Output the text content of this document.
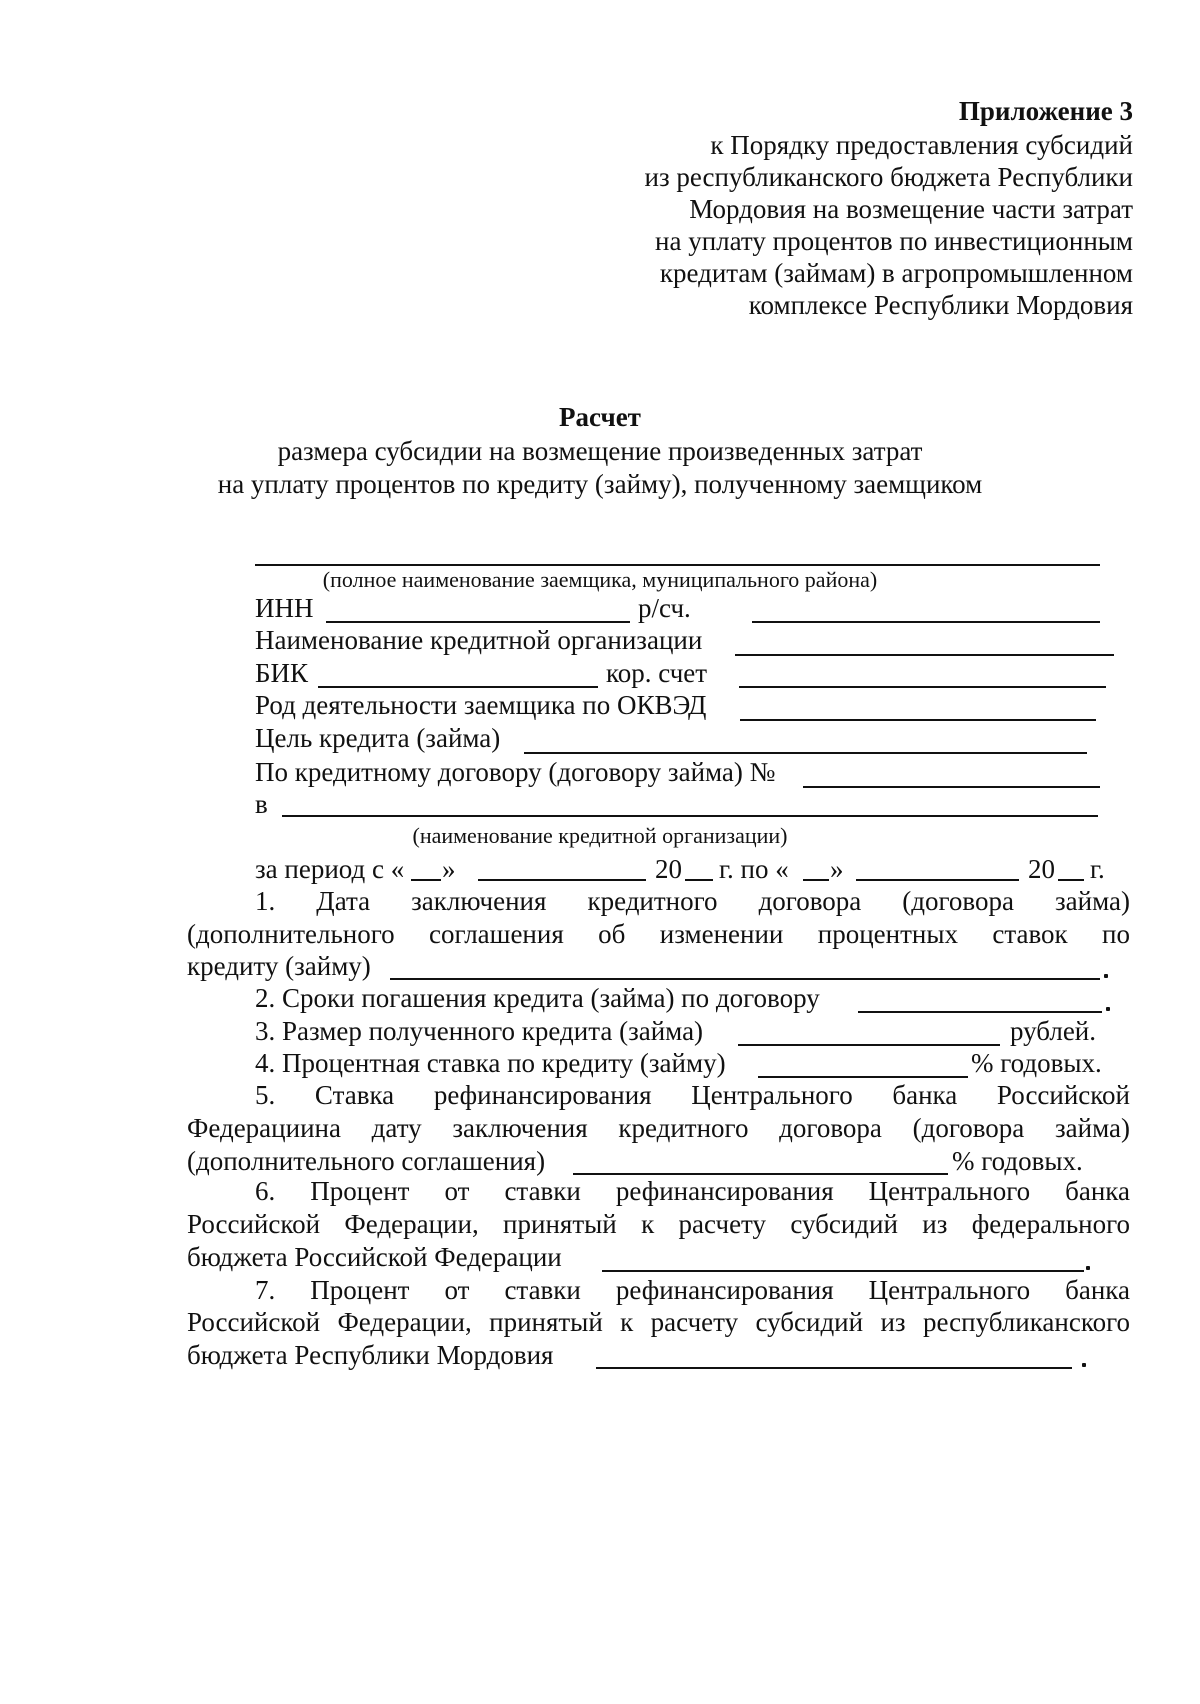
Приложение 3
к Порядку предоставления субсидий
из республиканского бюджета Республики
Мордовия на возмещение части затрат
на уплату процентов по инвестиционным
кредитам (займам) в агропромышленном
комплексе Республики Мордовия
Расчет
размера субсидии на возмещение произведенных затрат
на уплату процентов по кредиту (займу), полученному заемщиком
(полное наименование заемщика, муниципального района)
ИНН	р/сч.
Наименование кредитной организации
БИК	кор. счет
Род деятельности заемщика по ОКВЭД
Цель кредита (займа)
По кредитному договору (договору займа) №
в
(наименование кредитной организации)
за период с « »	20 г. по « »	20 г.
1. Дата заключения кредитного договора (договора займа)
(дополнительного соглашения об изменении процентных ставок по
кредиту (займу)
2. Сроки погашения кредита (займа) по договору
3. Размер полученного кредита (займа)	рублей.
4. Процентная ставка по кредиту (займу)	% годовых.
5. Ставка рефинансирования Центрального банка Российской
Федерациина дату заключения кредитного договора (договора займа)
(дополнительного соглашения)	% годовых.
6. Процент от ставки рефинансирования Центрального банка
Российской Федерации, принятый к расчету субсидий из федерального
бюджета Российской Федерации
7. Процент от ставки рефинансирования Центрального банка
Российской Федерации, принятый к расчету субсидий из республиканского
бюджета Республики Мордовия
